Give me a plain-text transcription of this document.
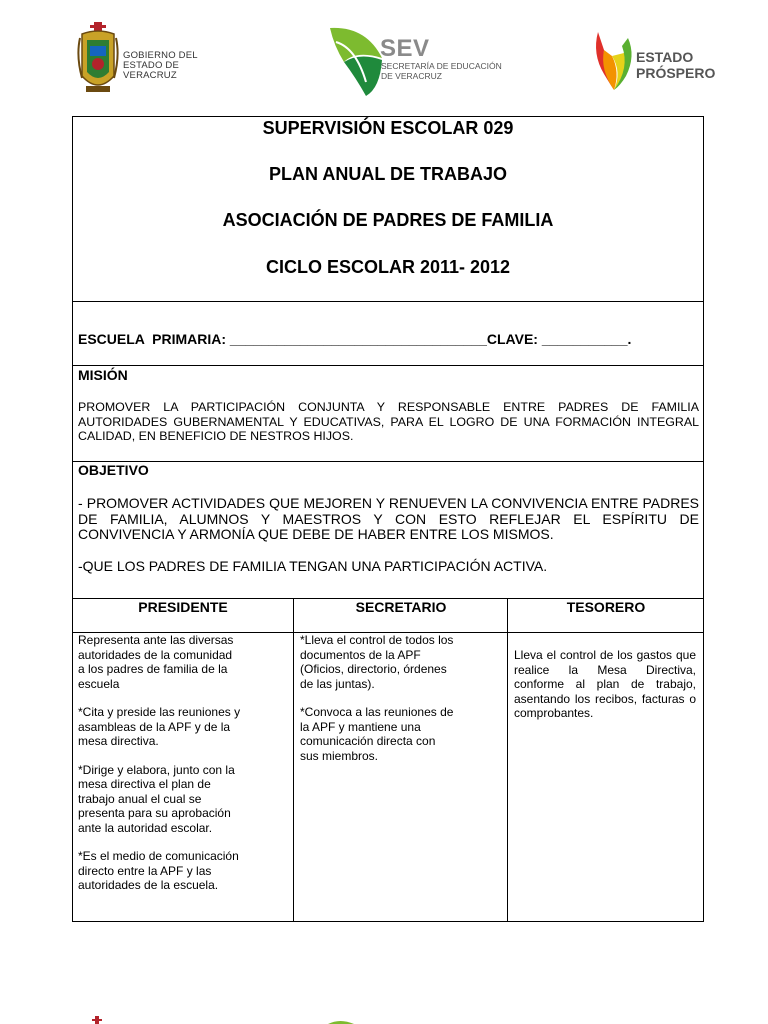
GOBIERNO DEL
ESTADO DE VERACRUZ
SEV
SECRETARÍA DE EDUCACIÓN
DE VERACRUZ
ESTADO
PRÓSPERO
SUPERVISIÓN ESCOLAR 029
PLAN ANUAL DE TRABAJO
ASOCIACIÓN DE PADRES DE FAMILIA
CICLO ESCOLAR 2011- 2012
ESCUELA  PRIMARIA: _________________________________CLAVE: ___________.
MISIÓN
PROMOVER LA PARTICIPACIÓN CONJUNTA Y RESPONSABLE ENTRE PADRES DE FAMILIA AUTORIDADES GUBERNAMENTAL Y EDUCATIVAS, PARA EL LOGRO DE UNA FORMACIÓN INTEGRAL CALIDAD, EN BENEFICIO DE NESTROS HIJOS.
OBJETIVO
- PROMOVER ACTIVIDADES QUE MEJOREN Y RENUEVEN LA CONVIVENCIA ENTRE PADRES DE FAMILIA, ALUMNOS Y MAESTROS Y CON ESTO REFLEJAR EL ESPÍRITU DE CONVIVENCIA Y ARMONÍA QUE DEBE DE HABER ENTRE LOS MISMOS.
-QUE LOS PADRES DE FAMILIA TENGAN UNA PARTICIPACIÓN ACTIVA.
PRESIDENTE	SECRETARIO	TESORERO
Representa ante las diversas
autoridades de la comunidad
a los padres de familia de la
escuela
*Cita y preside las reuniones y
asambleas de la APF y de la
mesa directiva.
*Dirige y elabora, junto con la
mesa directiva el plan de
trabajo anual el cual se
presenta para su aprobación
ante la autoridad escolar.
*Es el medio de comunicación
directo entre la APF y las
autoridades de la escuela.
*Lleva el control de todos los
documentos de la APF
(Oficios, directorio, órdenes
de las juntas).
*Convoca a las reuniones de
la APF y mantiene una
comunicación directa con
sus miembros.
Lleva el control de los gastos que realice la Mesa Directiva, conforme al plan de trabajo, asentando los recibos, facturas o comprobantes.
